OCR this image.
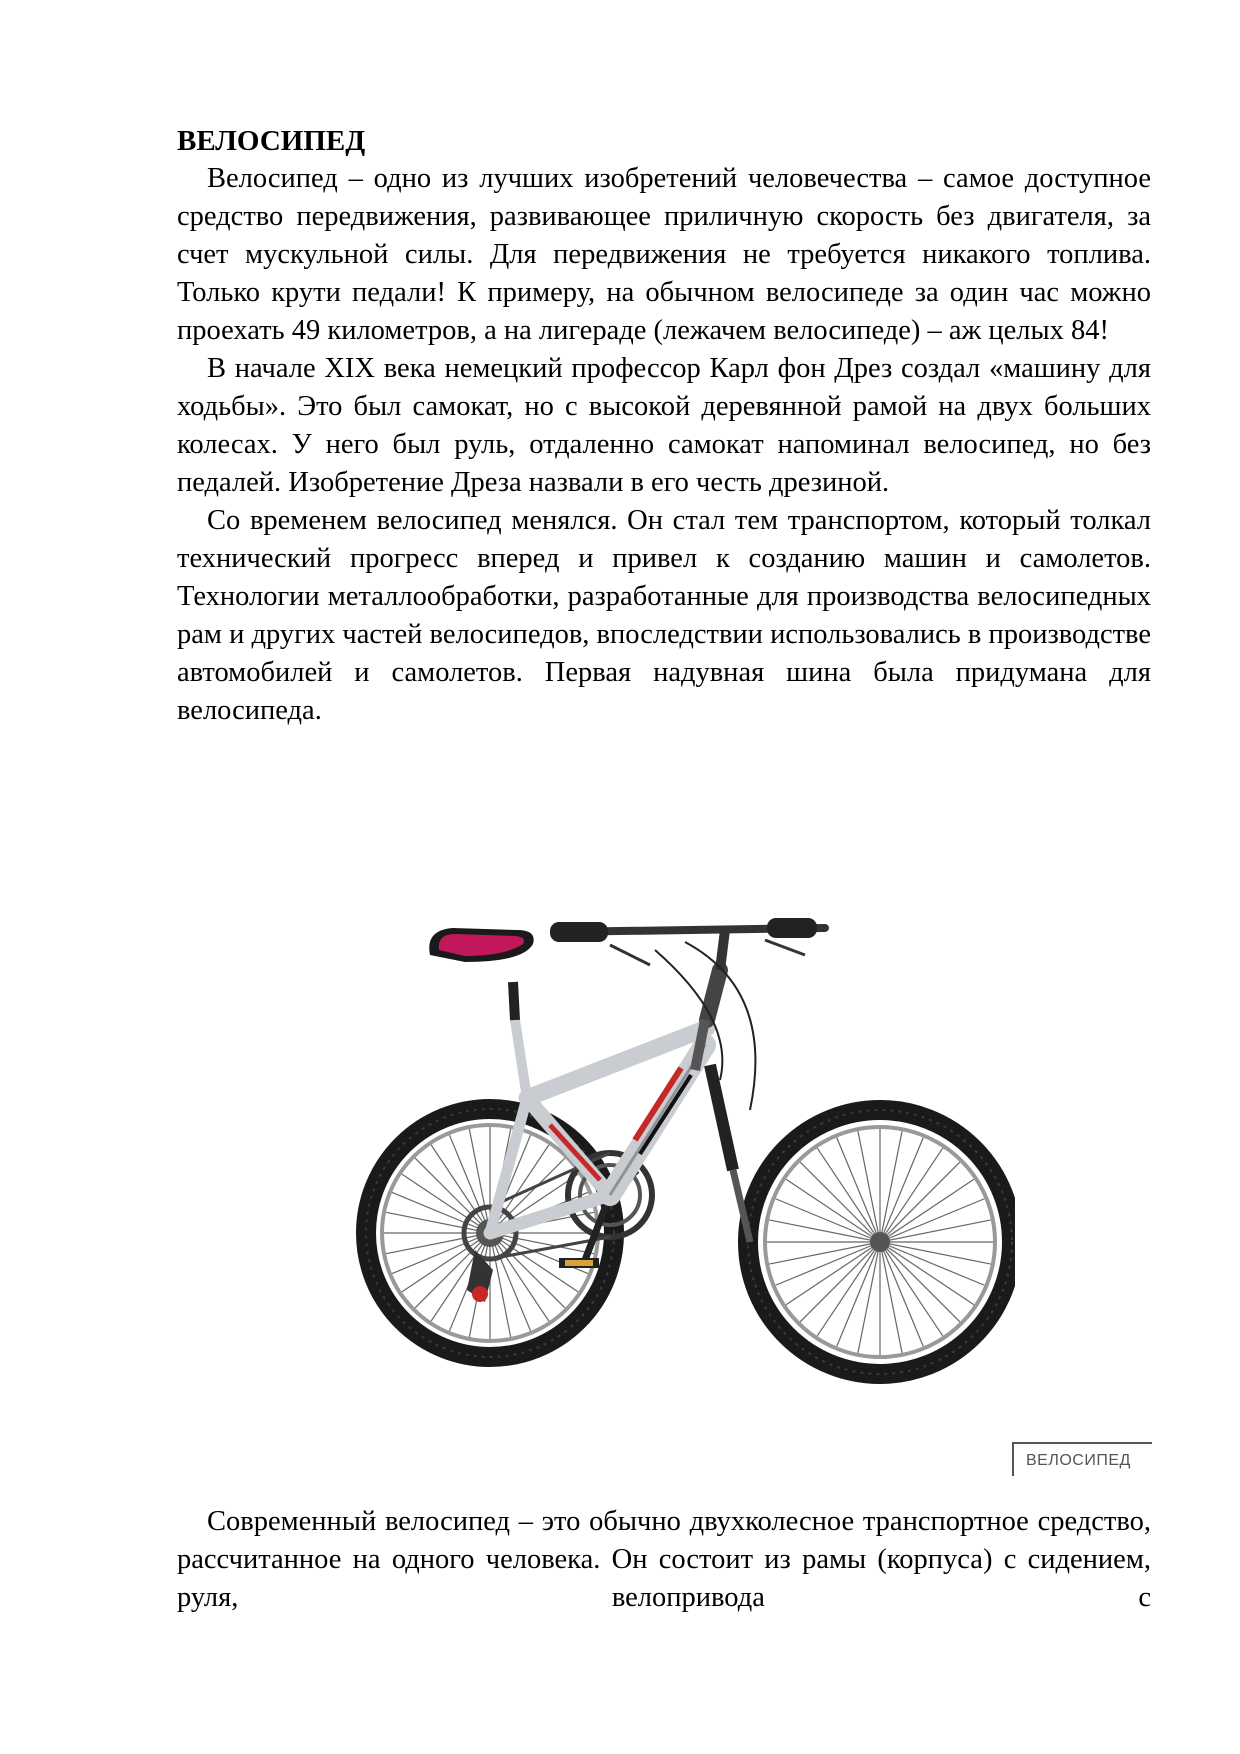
ВЕЛОСИПЕД

Велосипед – одно из лучших изобретений человечества – самое доступное средство передвижения, развивающее приличную скорость без двигателя, за счет мускульной силы. Для передвижения не требуется никакого топлива. Только крути педали! К примеру, на обычном велосипеде за один час можно проехать 49 километров, а на лигераде (лежачем велосипеде) – аж целых 84!

В начале XIX века немецкий профессор Карл фон Дрез создал «машину для ходьбы». Это был самокат, но с высокой деревянной рамой на двух больших колесах. У него был руль, отдаленно самокат напоминал велосипед, но без педалей. Изобретение Дреза назвали в его честь дрезиной.

Со временем велосипед менялся. Он стал тем транспортом, который толкал технический прогресс вперед и привел к созданию машин и самолетов. Технологии металлообработки, разработанные для производства велосипедных рам и других частей велосипедов, впоследствии использовались в производстве автомобилей и самолетов. Первая надувная шина была придумана для велосипеда.

ВЕЛОСИПЕД

Современный велосипед – это обычно двухколесное транспортное средство, рассчитанное на одного человека. Он состоит из рамы (корпуса) с сидением, руля, велопривода с
